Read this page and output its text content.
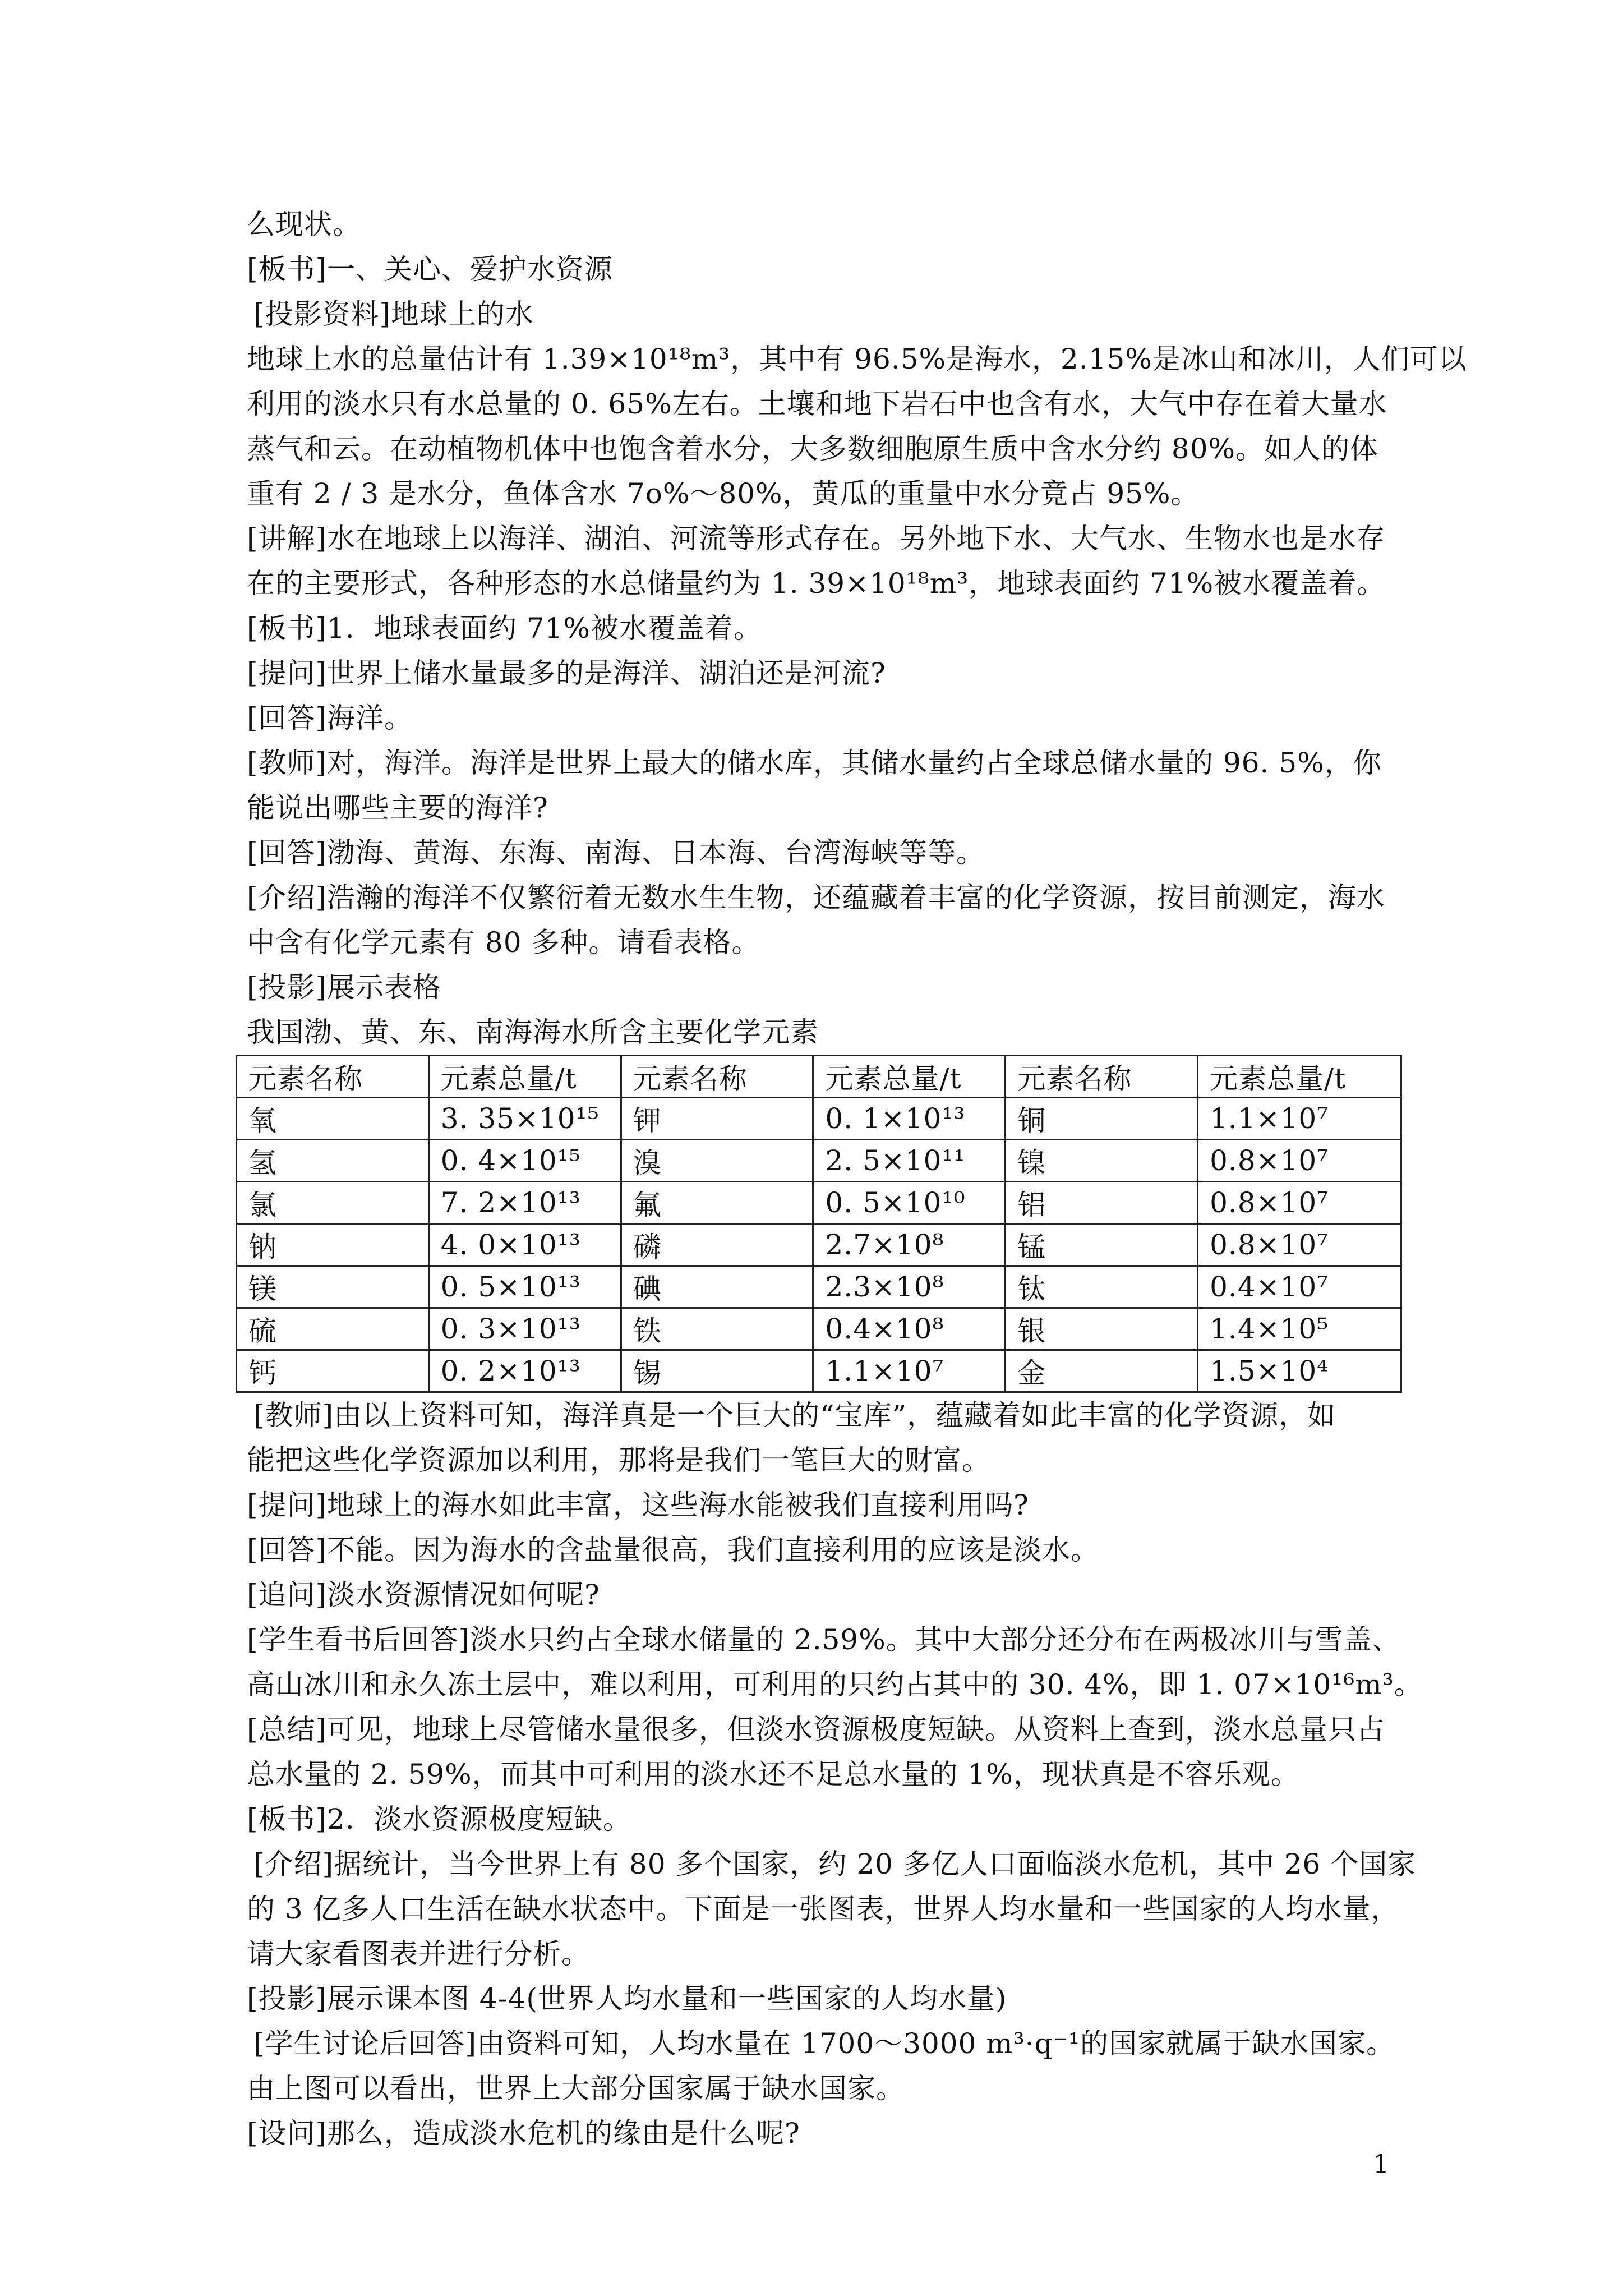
么现状。
[板书]一、关心、爱护水资源
[投影资料]地球上的水
地球上水的总量估计有 1.39×10¹⁸m³，其中有 96.5%是海水，2.15%是冰山和冰川，人们可以
利用的淡水只有水总量的 0. 65%左右。土壤和地下岩石中也含有水，大气中存在着大量水
蒸气和云。在动植物机体中也饱含着水分，大多数细胞原生质中含水分约 80%。如人的体
重有 2 / 3 是水分，鱼体含水 7o%～80%，黄瓜的重量中水分竟占 95%。
[讲解]水在地球上以海洋、湖泊、河流等形式存在。另外地下水、大气水、生物水也是水存
在的主要形式，各种形态的水总储量约为 1. 39×10¹⁸m³，地球表面约 71%被水覆盖着。
[板书]1．地球表面约 71%被水覆盖着。
[提问]世界上储水量最多的是海洋、湖泊还是河流?
[回答]海洋。
[教师]对，海洋。海洋是世界上最大的储水库，其储水量约占全球总储水量的 96. 5%，你
能说出哪些主要的海洋?
[回答]渤海、黄海、东海、南海、日本海、台湾海峡等等。
[介绍]浩瀚的海洋不仅繁衍着无数水生生物，还蕴藏着丰富的化学资源，按目前测定，海水
中含有化学元素有 80 多种。请看表格。
[投影]展示表格
我国渤、黄、东、南海海水所含主要化学元素
元素名称	元素总量/t	元素名称	元素总量/t	元素名称	元素总量/t
氧	3. 35×10¹⁵	钾	0. 1×10¹³	铜	1.1×10⁷
氢	0. 4×10¹⁵	溴	2. 5×10¹¹	镍	0.8×10⁷
氯	7. 2×10¹³	氟	0. 5×10¹⁰	铝	0.8×10⁷
钠	4. 0×10¹³	磷	2.7×10⁸	锰	0.8×10⁷
镁	0. 5×10¹³	碘	2.3×10⁸	钛	0.4×10⁷
硫	0. 3×10¹³	铁	0.4×10⁸	银	1.4×10⁵
钙	0. 2×10¹³	锡	1.1×10⁷	金	1.5×10⁴
[教师]由以上资料可知，海洋真是一个巨大的“宝库”，蕴藏着如此丰富的化学资源，如
能把这些化学资源加以利用，那将是我们一笔巨大的财富。
[提问]地球上的海水如此丰富，这些海水能被我们直接利用吗?
[回答]不能。因为海水的含盐量很高，我们直接利用的应该是淡水。
[追问]淡水资源情况如何呢?
[学生看书后回答]淡水只约占全球水储量的 2.59%。其中大部分还分布在两极冰川与雪盖、
高山冰川和永久冻土层中，难以利用，可利用的只约占其中的 30. 4%，即 1. 07×10¹⁶m³。
[总结]可见，地球上尽管储水量很多，但淡水资源极度短缺。从资料上查到，淡水总量只占
总水量的 2. 59%，而其中可利用的淡水还不足总水量的 1%，现状真是不容乐观。
[板书]2．淡水资源极度短缺。
[介绍]据统计，当今世界上有 80 多个国家，约 20 多亿人口面临淡水危机，其中 26 个国家
的 3 亿多人口生活在缺水状态中。下面是一张图表，世界人均水量和一些国家的人均水量，
请大家看图表并进行分析。
[投影]展示课本图 4-4(世界人均水量和一些国家的人均水量)
[学生讨论后回答]由资料可知，人均水量在 1700～3000 m³·q⁻¹的国家就属于缺水国家。
由上图可以看出，世界上大部分国家属于缺水国家。
[设问]那么，造成淡水危机的缘由是什么呢?
1
